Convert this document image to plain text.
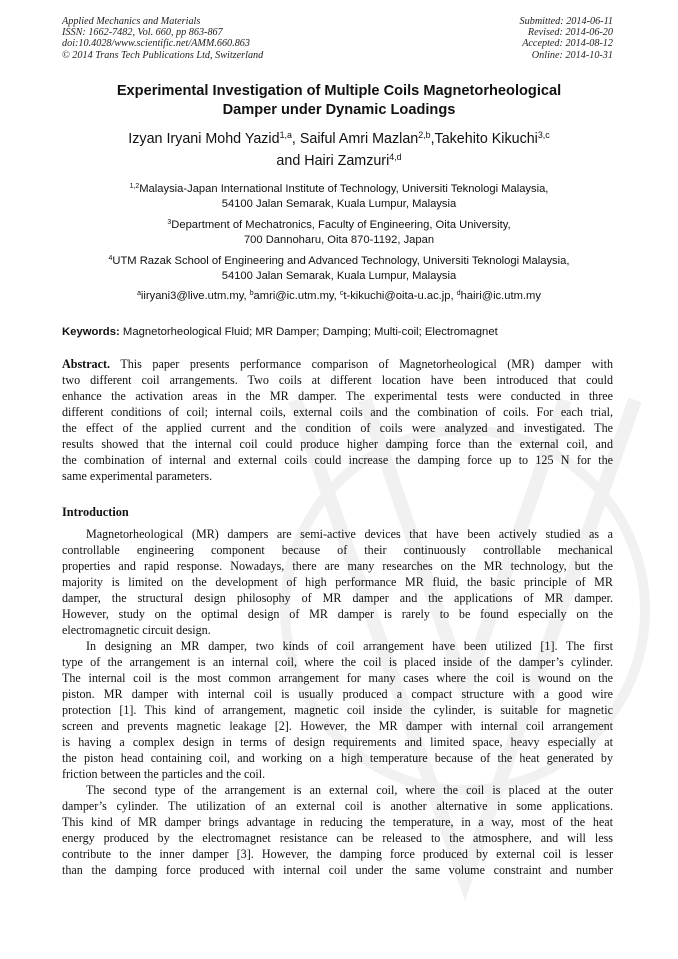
Applied Mechanics and Materials
ISSN: 1662-7482, Vol. 660, pp 863-867
doi:10.4028/www.scientific.net/AMM.660.863
© 2014 Trans Tech Publications Ltd, Switzerland
Submitted: 2014-06-11
Revised: 2014-06-20
Accepted: 2014-08-12
Online: 2014-10-31
Experimental Investigation of Multiple Coils Magnetorheological
Damper under Dynamic Loadings
Izyan Iryani Mohd Yazid$^{1,a}$, Saiful Amri Mazlan$^{2,b}$,Takehito Kikuchi$^{3,c}$
and Hairi Zamzuri$^{4,d}$
$^{1,2}$Malaysia-Japan International Institute of Technology, Universiti Teknologi Malaysia,
54100 Jalan Semarak, Kuala Lumpur, Malaysia
$^3$Department of Mechatronics, Faculty of Engineering, Oita University,
700 Dannoharu, Oita 870-1192, Japan
$^4$UTM Razak School of Engineering and Advanced Technology, Universiti Teknologi Malaysia,
54100 Jalan Semarak, Kuala Lumpur, Malaysia
$^a$iiryani3@live.utm.my, $^b$amri@ic.utm.my, $^c$t-kikuchi@oita-u.ac.jp, $^d$hairi@ic.utm.my
Keywords: Magnetorheological Fluid; MR Damper; Damping; Multi-coil; Electromagnet
Abstract. This paper presents performance comparison of Magnetorheological (MR) damper with
two different coil arrangements. Two coils at different location have been introduced that could
enhance the activation areas in the MR damper. The experimental tests were conducted in three
different conditions of coil; internal coils, external coils and the combination of coils. For each trial,
the effect of the applied current and the condition of coils were analyzed and investigated. The
results showed that the internal coil could produce higher damping force than the external coil, and
the combination of internal and external coils could increase the damping force up to 125 N for the
same experimental parameters.
Introduction
Magnetorheological (MR) dampers are semi-active devices that have been actively studied as a
controllable engineering component because of their continuously controllable mechanical
properties and rapid response. Nowadays, there are many researches on the MR technology, but the
majority is limited on the development of high performance MR fluid, the basic principle of MR
damper, the structural design philosophy of MR damper and the applications of MR damper.
However, study on the optimal design of MR damper is rarely to be found especially on the
electromagnetic circuit design.
In designing an MR damper, two kinds of coil arrangement have been utilized [1]. The first
type of the arrangement is an internal coil, where the coil is placed inside of the damper’s cylinder.
The internal coil is the most common arrangement for many cases where the coil is wound on the
piston. MR damper with internal coil is usually produced a compact structure with a good wire
protection [1]. This kind of arrangement, magnetic coil inside the cylinder, is suitable for magnetic
screen and prevents magnetic leakage [2]. However, the MR damper with internal coil arrangement
is having a complex design in terms of design requirements and limited space, heavy especially at
the piston head containing coil, and working on a high temperature because of the heat generated by
friction between the particles and the coil.
The second type of the arrangement is an external coil, where the coil is placed at the outer
damper’s cylinder. The utilization of an external coil is another alternative in some applications.
This kind of MR damper brings advantage in reducing the temperature, in a way, most of the heat
energy produced by the electromagnet resistance can be released to the atmosphere, and will less
contribute to the inner damper [3]. However, the damping force produced by external coil is lesser
than the damping force produced with internal coil under the same volume constraint and number
